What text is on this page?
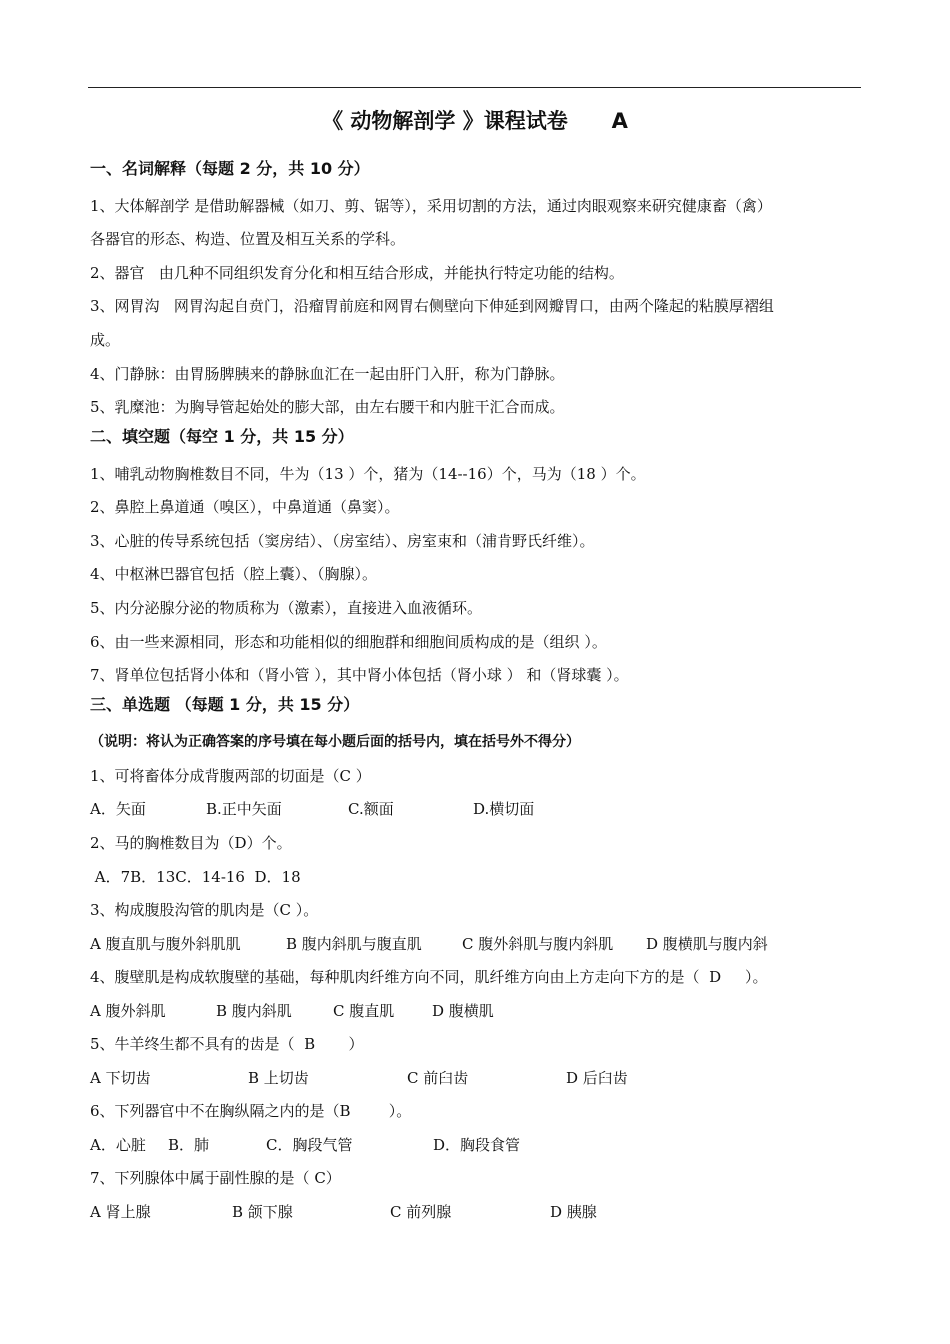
《 动物解剖学 》课程试卷      A
一、名词解释（每题 2 分，共 10 分）
1、大体解剖学 是借助解器械（如刀、剪、锯等），采用切割的方法，通过肉眼观察来研究健康畜（禽）
各器官的形态、构造、位置及相互关系的学科。
2、器官   由几种不同组织发育分化和相互结合形成，并能执行特定功能的结构。
3、网胃沟   网胃沟起自贲门，沿瘤胃前庭和网胃右侧壁向下伸延到网瓣胃口，由两个隆起的粘膜厚褶组
成。
4、门静脉：由胃肠脾胰来的静脉血汇在一起由肝门入肝，称为门静脉。
5、乳糜池：为胸导管起始处的膨大部，由左右腰干和内脏干汇合而成。
二、填空题（每空 1 分，共 15 分）
1、哺乳动物胸椎数目不同，牛为（13 ）个，猪为（14--16）个，马为（18 ）个。
2、鼻腔上鼻道通（嗅区），中鼻道通（鼻窦）。
3、心脏的传导系统包括（窦房结）、（房室结）、房室束和（浦肯野氏纤维）。
4、中枢淋巴器官包括（腔上囊）、（胸腺）。
5、内分泌腺分泌的物质称为（激素），直接进入血液循环。
6、由一些来源相同，形态和功能相似的细胞群和细胞间质构成的是（组织 ）。
7、肾单位包括肾小体和（肾小管 ），其中肾小体包括（肾小球 ） 和（肾球囊 ）。
三、单选题 （每题 1 分，共 15 分）
（说明：将认为正确答案的序号填在每小题后面的括号内，填在括号外不得分）
1、可将畜体分成背腹两部的切面是（C ）
A．矢面	B.正中矢面	C.额面	D.横切面
2、马的胸椎数目为（D）个。
A．7B．13C．14-16  D．18
3、构成腹股沟管的肌肉是（C ）。
A 腹直肌与腹外斜肌肌	B 腹内斜肌与腹直肌	C 腹外斜肌与腹内斜肌 D 腹横肌与腹内斜
4、腹壁肌是构成软腹壁的基础，每种肌肉纤维方向不同，肌纤维方向由上方走向下方的是（  D     ）。
A 腹外斜肌	B 腹内斜肌	C 腹直肌	D 腹横肌
5、牛羊终生都不具有的齿是（  B       ）
A 下切齿	B 上切齿	C 前臼齿	D 后臼齿
6、下列器官中不在胸纵隔之内的是（B        ）。
A．心脏 B．肺	C．胸段气管	D．胸段食管
7、下列腺体中属于副性腺的是（ C）
A 肾上腺	B 颌下腺	C 前列腺	D 胰腺
